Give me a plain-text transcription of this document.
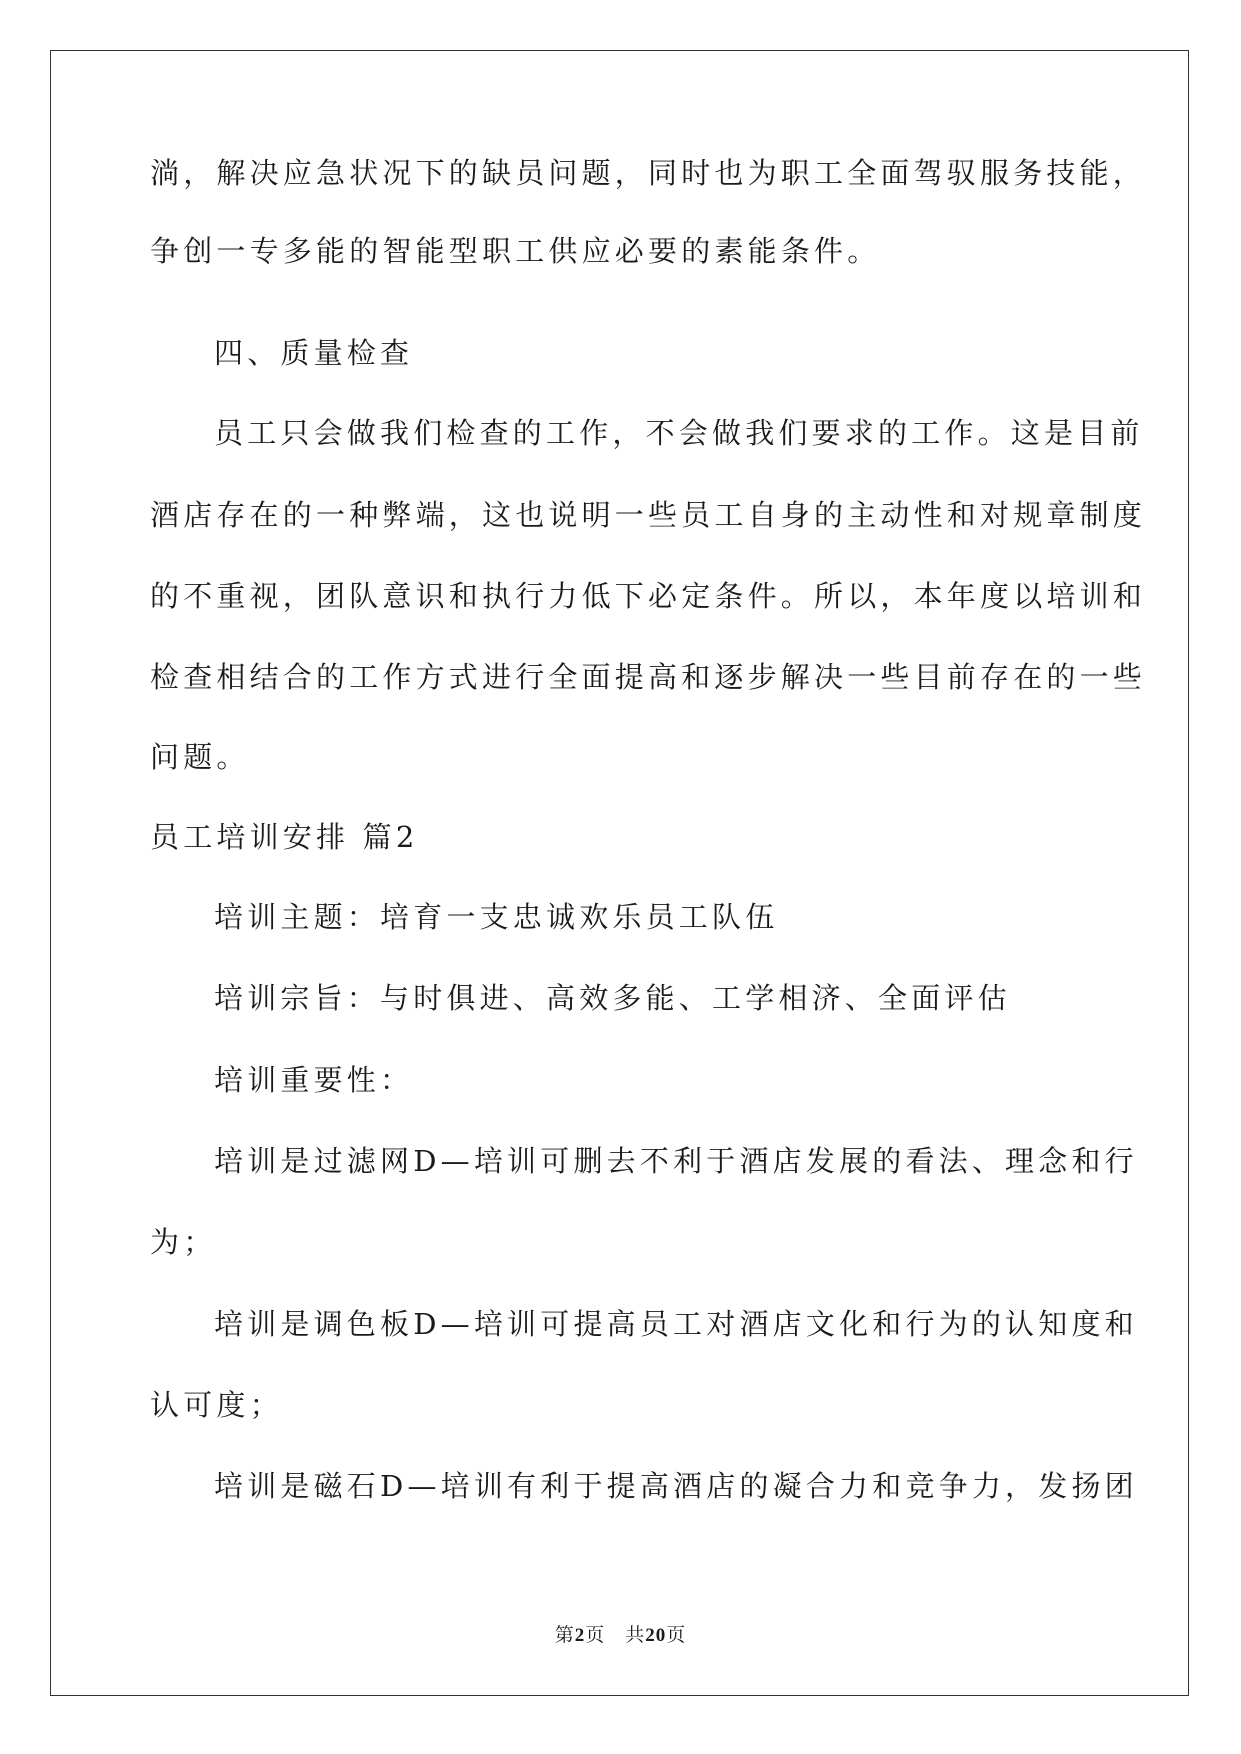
淌，解决应急状况下的缺员问题，同时也为职工全面驾驭服务技能，
争创一专多能的智能型职工供应必要的素能条件。
四、质量检查
员工只会做我们检查的工作，不会做我们要求的工作。这是目前
酒店存在的一种弊端，这也说明一些员工自身的主动性和对规章制度
的不重视，团队意识和执行力低下必定条件。所以，本年度以培训和
检查相结合的工作方式进行全面提高和逐步解决一些目前存在的一些
问题。
员工培训安排 篇2
培训主题：培育一支忠诚欢乐员工队伍
培训宗旨：与时俱进、高效多能、工学相济、全面评估
培训重要性：
培训是过滤网D—培训可删去不利于酒店发展的看法、理念和行
为；
培训是调色板D—培训可提高员工对酒店文化和行为的认知度和
认可度；
培训是磁石D—培训有利于提高酒店的凝合力和竞争力，发扬团
第2页　共20页
